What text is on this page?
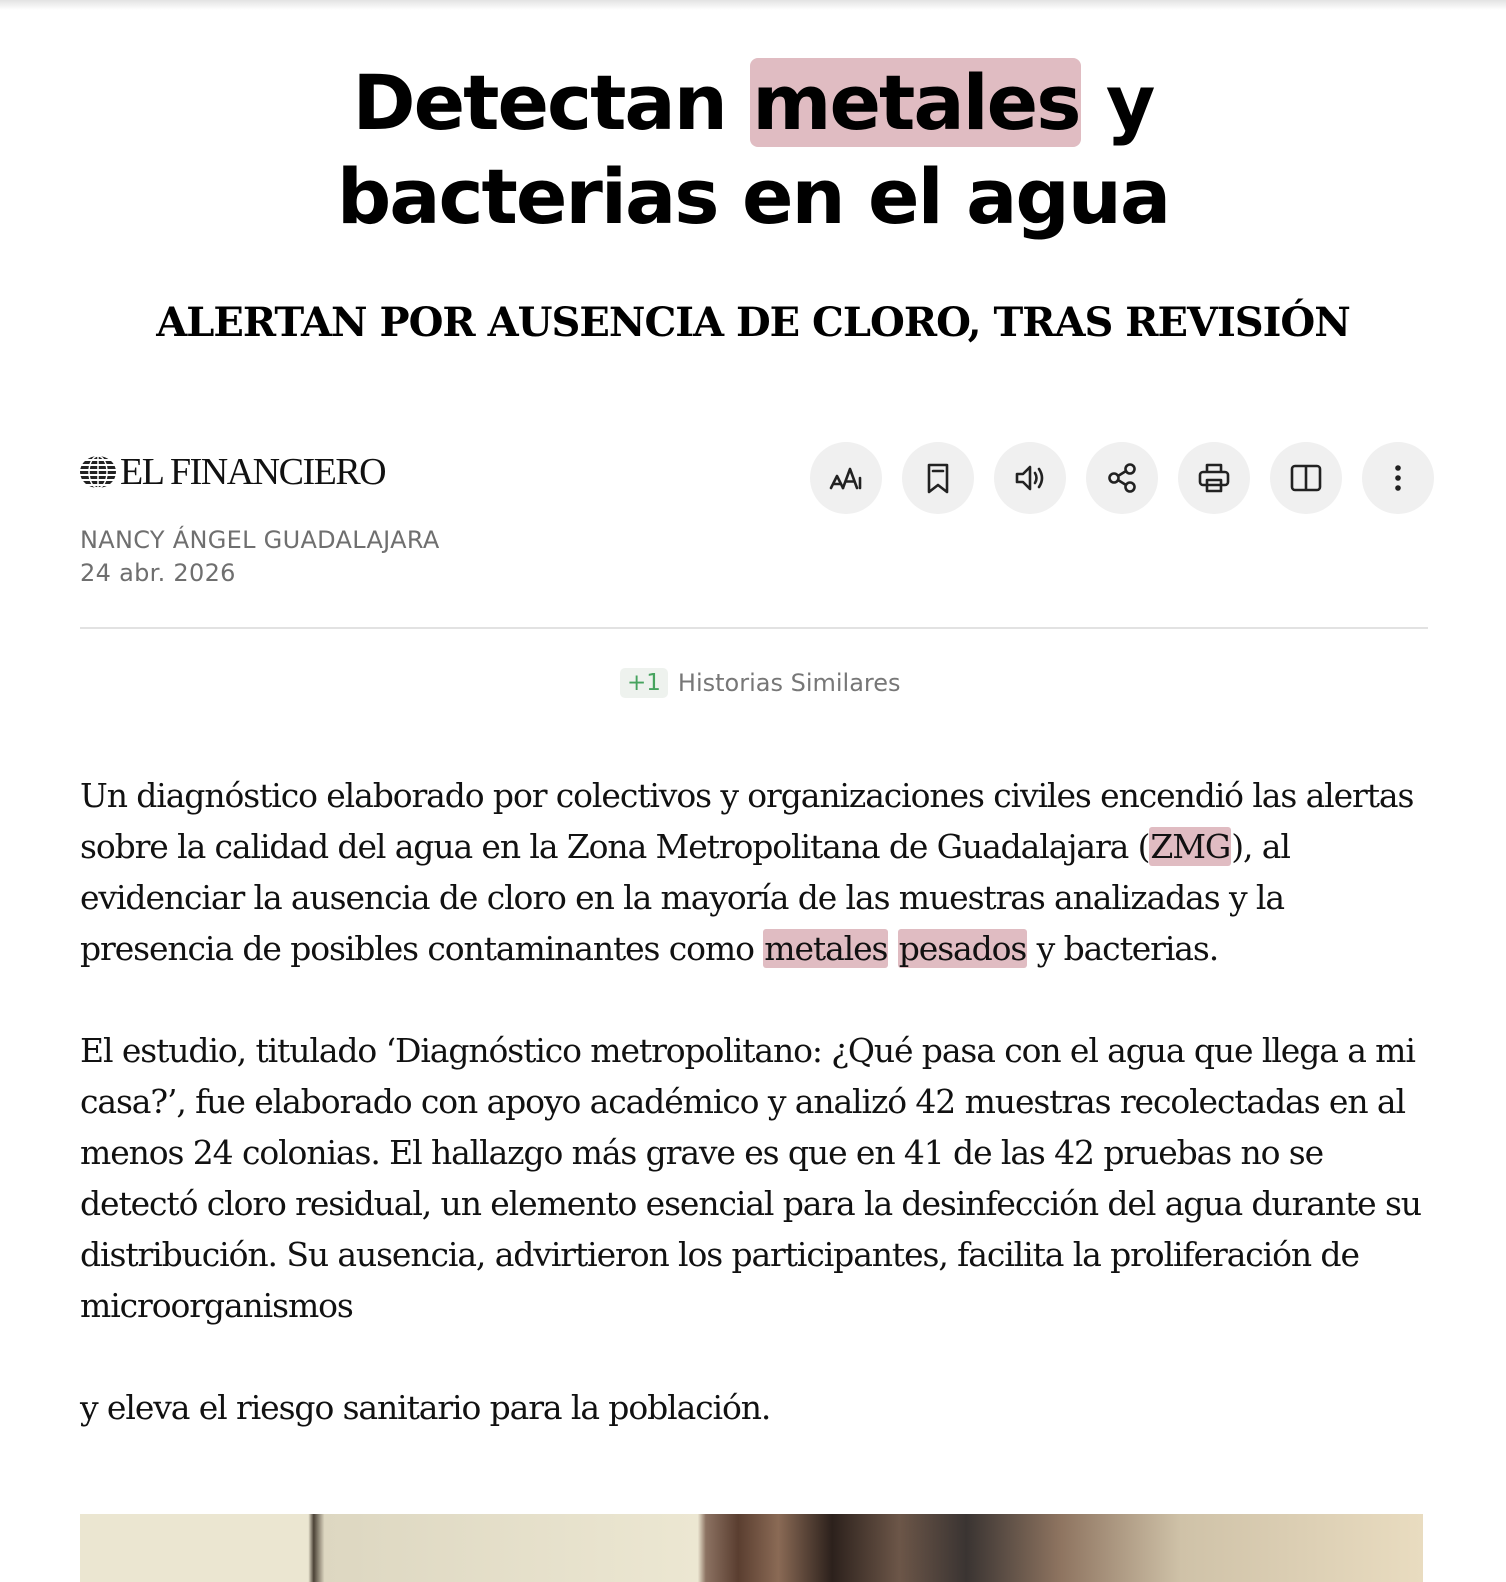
Detectan metales y
bacterias en el agua
ALERTAN POR AUSENCIA DE CLORO, TRAS REVISIÓN
EL FINANCIERO
NANCY ÁNGEL GUADALAJARA
24 abr. 2026
+1 Historias Similares

Un diagnóstico elaborado por colectivos y organizaciones civiles encendió las alertas sobre la calidad del agua en la Zona Metropolitana de Guadalajara (ZMG), al evidenciar la ausencia de cloro en la mayoría de las muestras analizadas y la presencia de posibles contaminantes como metales pesados y bacterias.

El estudio, titulado ‘Diagnóstico metropolitano: ¿Qué pasa con el agua que llega a mi casa?’, fue elaborado con apoyo académico y analizó 42 muestras recolectadas en al menos 24 colonias. El hallazgo más grave es que en 41 de las 42 pruebas no se detectó cloro residual, un elemento esencial para la desinfección del agua durante su distribución. Su ausencia, advirtieron los participantes, facilita la proliferación de microorganismos

y eleva el riesgo sanitario para la población.
